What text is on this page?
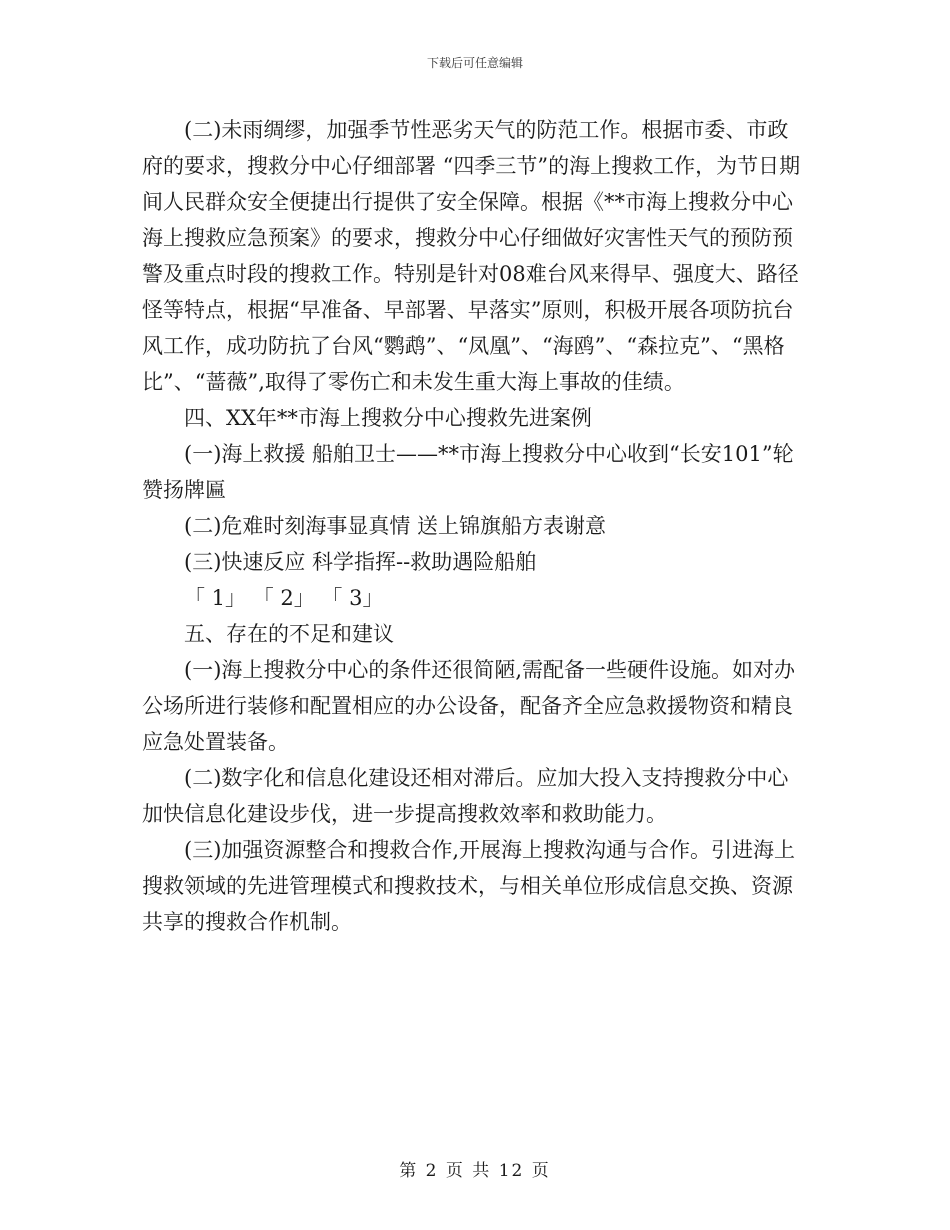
下载后可任意编辑

(二)未雨绸缪，加强季节性恶劣天气的防范工作。根据市委、市政府的要求，搜救分中心仔细部署 “四季三节”的海上搜救工作，为节日期间人民群众安全便捷出行提供了安全保障。根据《**市海上搜救分中心海上搜救应急预案》的要求，搜救分中心仔细做好灾害性天气的预防预警及重点时段的搜救工作。特别是针对08难台风来得早、强度大、路径怪等特点，根据“早准备、早部署、早落实”原则，积极开展各项防抗台风工作，成功防抗了台风“鹦鹉”、“凤凰”、“海鸥”、“森拉克”、“黑格比”、“蔷薇”,取得了零伤亡和未发生重大海上事故的佳绩。

四、XX年**市海上搜救分中心搜救先进案例

(一)海上救援 船舶卫士——**市海上搜救分中心收到“长安101”轮赞扬牌匾

(二)危难时刻海事显真情 送上锦旗船方表谢意

(三)快速反应 科学指挥--救助遇险船舶

「 1」 「 2」 「 3」

五、存在的不足和建议

(一)海上搜救分中心的条件还很简陋,需配备一些硬件设施。如对办公场所进行装修和配置相应的办公设备，配备齐全应急救援物资和精良应急处置装备。

(二)数字化和信息化建设还相对滞后。应加大投入支持搜救分中心加快信息化建设步伐，进一步提高搜救效率和救助能力。

(三)加强资源整合和搜救合作,开展海上搜救沟通与合作。引进海上搜救领域的先进管理模式和搜救技术，与相关单位形成信息交换、资源共享的搜救合作机制。

第 2 页 共 12 页
